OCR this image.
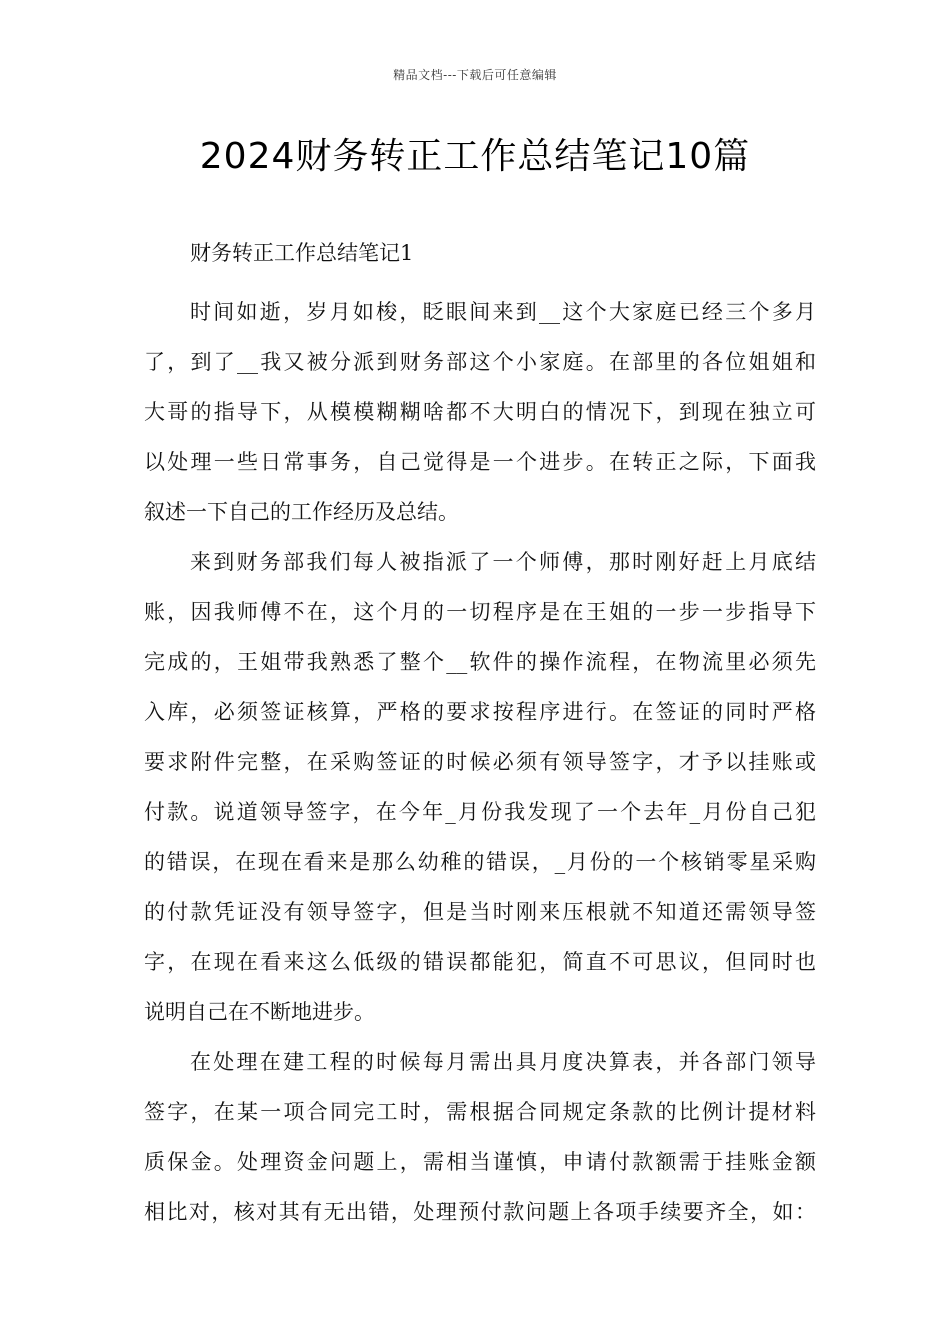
精品文档---下载后可任意编辑
2024财务转正工作总结笔记10篇
财务转正工作总结笔记1
时间如逝，岁月如梭，眨眼间来到__这个大家庭已经三个多月
了，到了__我又被分派到财务部这个小家庭。在部里的各位姐姐和
大哥的指导下，从模模糊糊啥都不大明白的情况下，到现在独立可
以处理一些日常事务，自己觉得是一个进步。在转正之际，下面我
叙述一下自己的工作经历及总结。
来到财务部我们每人被指派了一个师傅，那时刚好赶上月底结
账，因我师傅不在，这个月的一切程序是在王姐的一步一步指导下
完成的，王姐带我熟悉了整个__软件的操作流程，在物流里必须先
入库，必须签证核算，严格的要求按程序进行。在签证的同时严格
要求附件完整，在采购签证的时候必须有领导签字，才予以挂账或
付款。说道领导签字，在今年_月份我发现了一个去年_月份自己犯
的错误，在现在看来是那么幼稚的错误，_月份的一个核销零星采购
的付款凭证没有领导签字，但是当时刚来压根就不知道还需领导签
字，在现在看来这么低级的错误都能犯，简直不可思议，但同时也
说明自己在不断地进步。
在处理在建工程的时候每月需出具月度决算表，并各部门领导
签字，在某一项合同完工时，需根据合同规定条款的比例计提材料
质保金。处理资金问题上，需相当谨慎，申请付款额需于挂账金额
相比对，核对其有无出错，处理预付款问题上各项手续要齐全，如：
